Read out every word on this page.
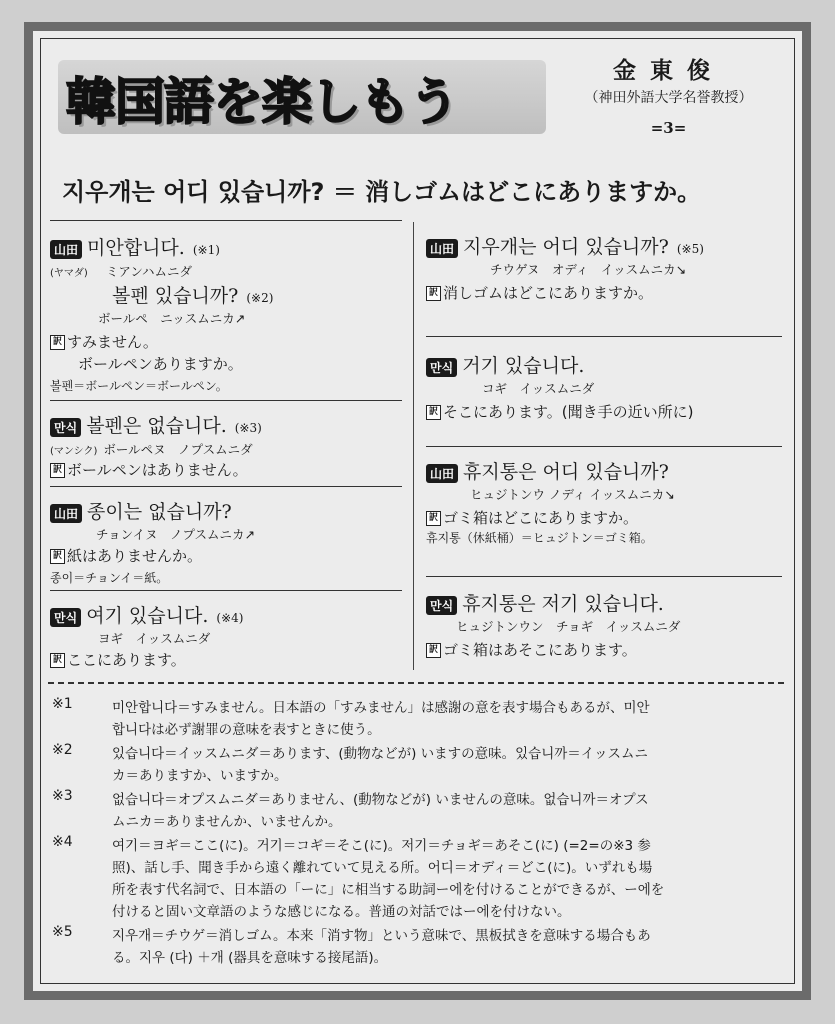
韓国語を楽しもう
金東俊
（神田外語大学名誉教授）
=3=
지우개는 어디 있습니까? ＝ 消しゴムはどこにありますか。
山田 미안합니다. (※1)
(ヤマダ) ミアンハムニダ
볼펜 있습니까? (※2)
ボールペ　ニッスムニカ↗
訳 すみません。
ボールペンありますか。
볼펜＝ボールペン＝ボールペン。
만식 볼펜은 없습니다. (※3)
(マンシク) ボールペヌ　ノプスムニダ
訳 ボールペンはありません。
山田 종이는 없습니까?
チョンイヌ　ノプスムニカ↗
訳 紙はありませんか。
종이＝チョンイ＝紙。
만식 여기 있습니다. (※4)
ヨギ　イッスムニダ
訳 ここにあります。
山田 지우개는 어디 있습니까? (※5)
チウゲヌ　オディ　イッスムニカ↘
訳 消しゴムはどこにありますか。
만식 거기 있습니다.
コギ　イッスムニダ
訳 そこにあります。(聞き手の近い所に)
山田 휴지통은 어디 있습니까?
ヒュジトンウ ノディ イッスムニカ↘
訳 ゴミ箱はどこにありますか。
휴지통（休紙桶）＝ヒュジトン＝ゴミ箱。
만식 휴지통은 저기 있습니다.
ヒュジトンウン　チョギ　イッスムニダ
訳 ゴミ箱はあそこにあります。
※1	미안합니다＝すみません。日本語の「すみません」は感謝の意を表す場合もあるが、미안
합니다は必ず謝罪の意味を表すときに使う。
※2	있습니다＝イッスムニダ＝あります、(動物などが) いますの意味。있습니까＝イッスムニ
カ＝ありますか、いますか。
※3	없습니다＝オプスムニダ＝ありません、(動物などが) いませんの意味。없습니까＝オプス
ムニカ＝ありませんか、いませんか。
※4	여기＝ヨギ＝ここ(に)。거기＝コギ＝そこ(に)。저기＝チョギ＝あそこ(に) (=2=の※3 参
照)、話し手、聞き手から遠く離れていて見える所。어디＝オディ＝どこ(に)。いずれも場
所を表す代名詞で、日本語の「ーに」に相当する助詞ー에を付けることができるが、ー에を
付けると固い文章語のような感じになる。普通の対話ではー에を付けない。
※5	지우개＝チウゲ＝消しゴム。本来「消す物」という意味で、黒板拭きを意味する場合もあ
る。지우 (다) ＋개 (器具を意味する接尾語)。
